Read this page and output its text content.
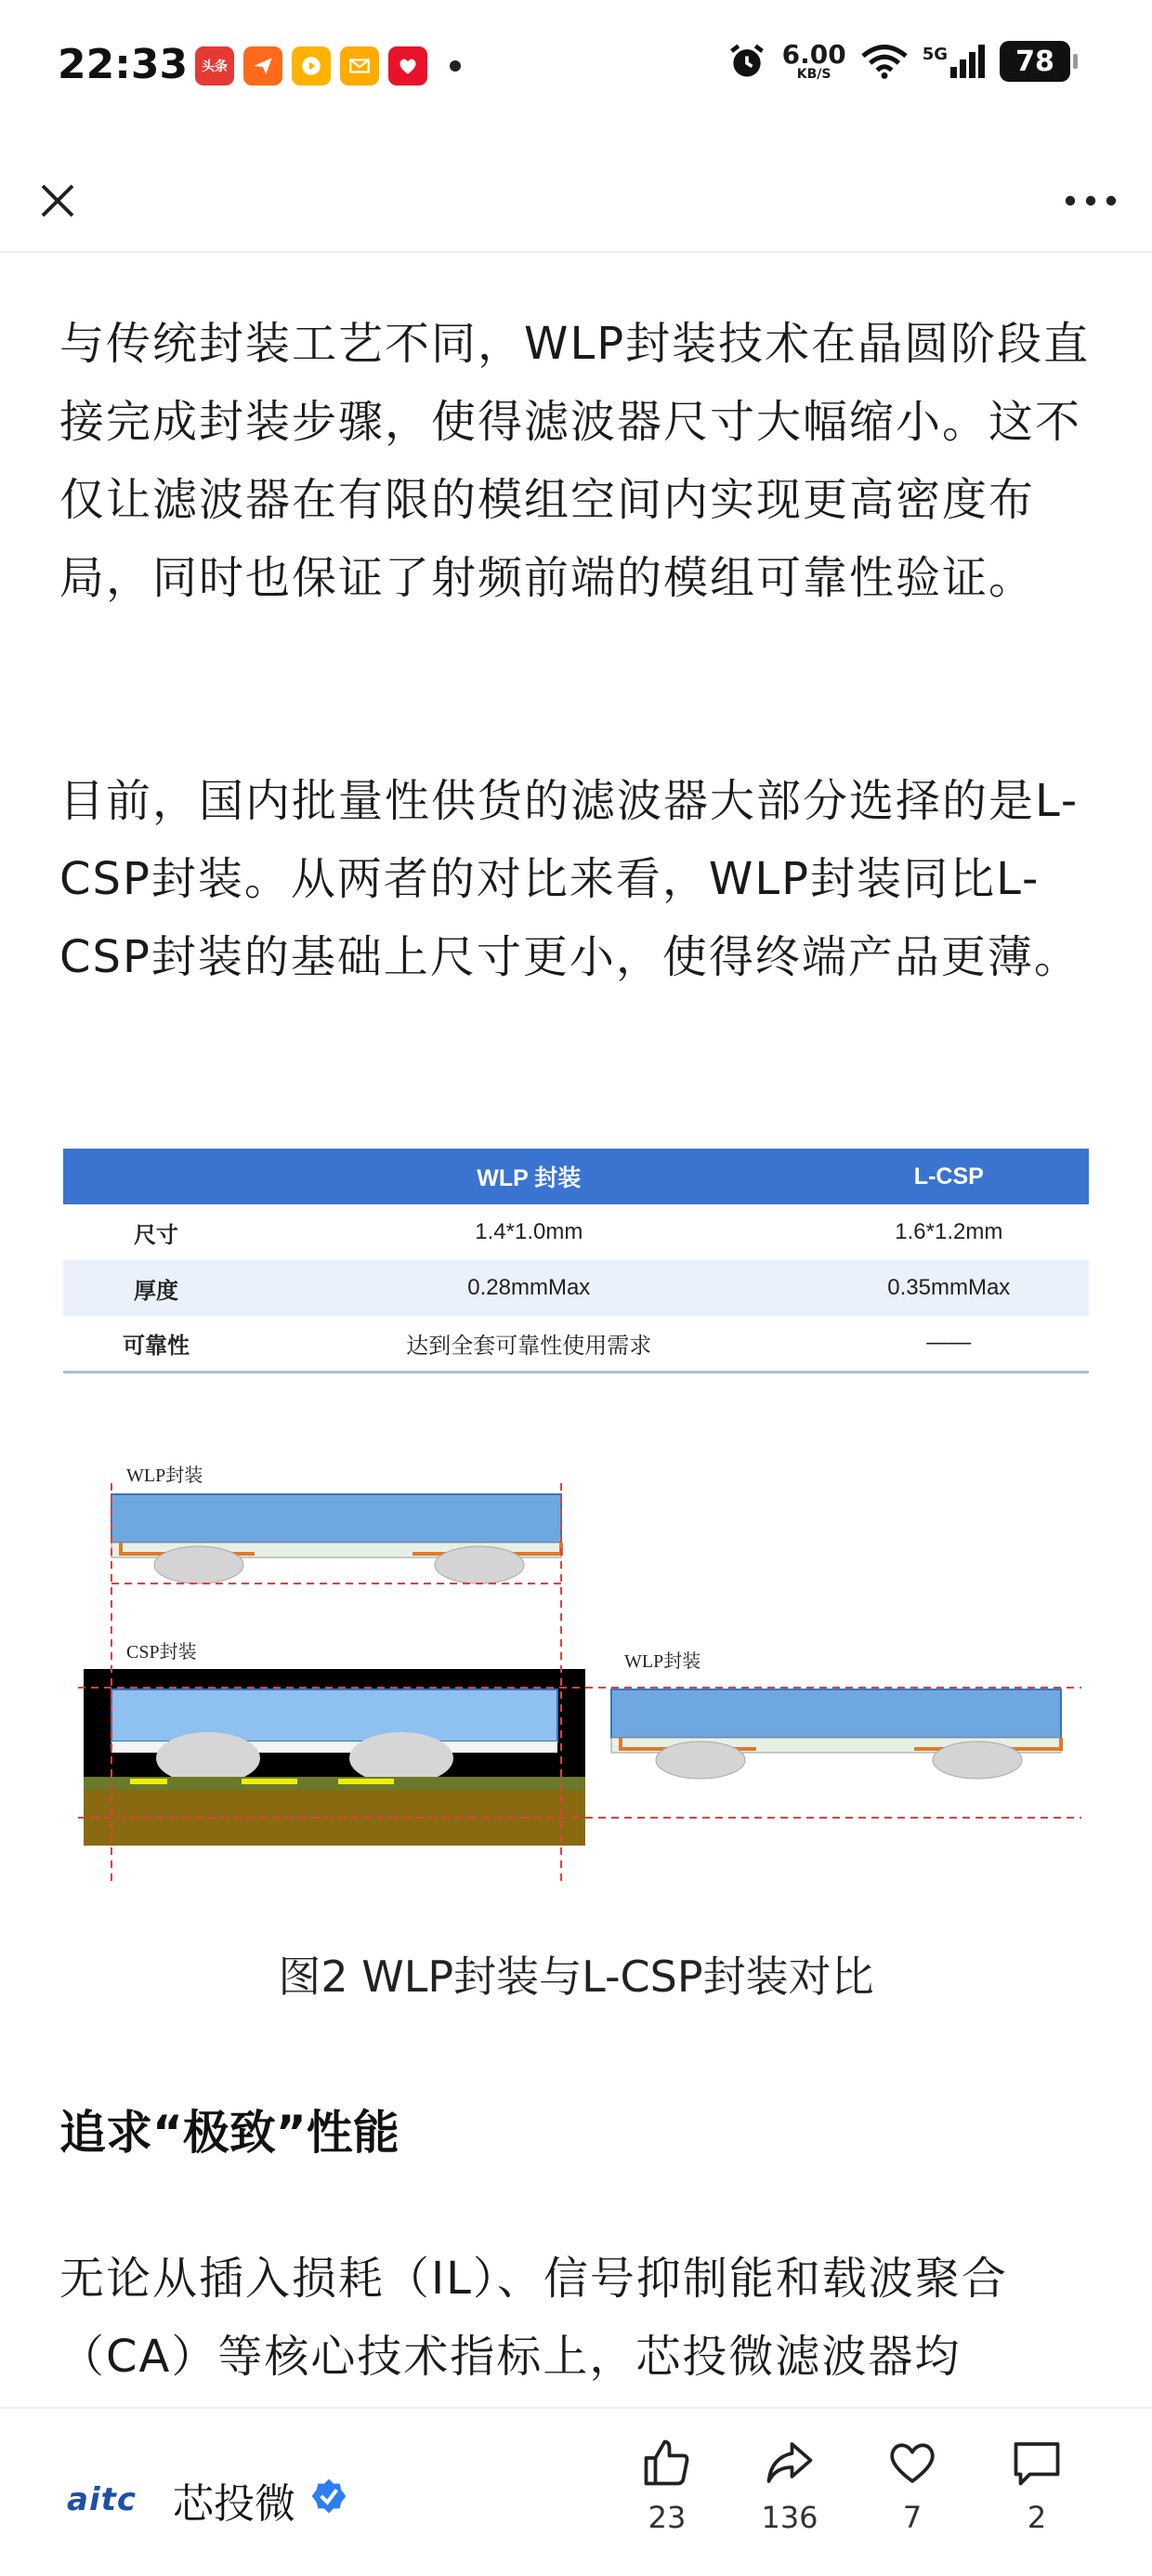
22:33	头条	6.00
KB/S
5G	78

与传统封装工艺不同，WLP封装技术在晶圆阶段直接完成封装步骤，使得滤波器尺寸大幅缩小。这不仅让滤波器在有限的模组空间内实现更高密度布局，同时也保证了射频前端的模组可靠性验证。

目前，国内批量性供货的滤波器大部分选择的是L-CSP封装。从两者的对比来看，WLP封装同比L-CSP封装的基础上尺寸更小，使得终端产品更薄。

	WLP 封装	L-CSP
尺寸	1.4*1.0mm	1.6*1.2mm
厚度	0.28mmMax	0.35mmMax
可靠性	达到全套可靠性使用需求	——
WLP封装
CSP封装	WLP封装
图2 WLP封装与L-CSP封装对比
追求“极致”性能

无论从插入损耗（IL）、信号抑制能和载波聚合（CA）等核心技术指标上，芯投微滤波器均

aitc 芯投微	23	136	7	2
